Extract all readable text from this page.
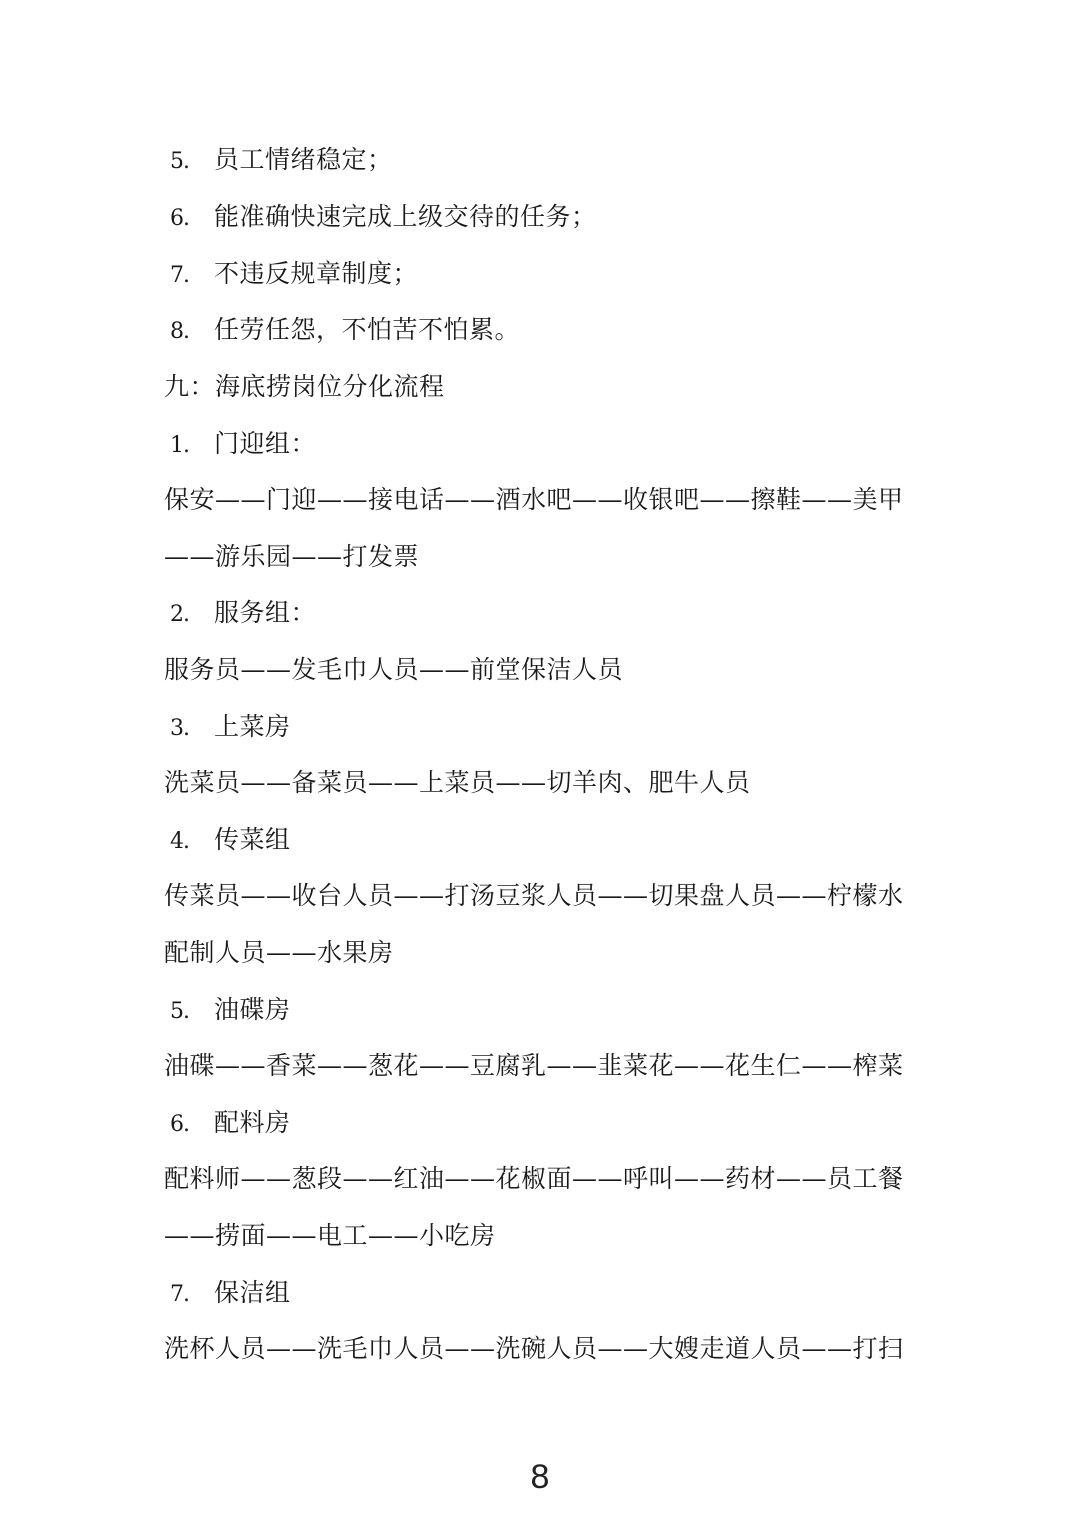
5. 员工情绪稳定；
6. 能准确快速完成上级交待的任务；
7. 不违反规章制度；
8. 任劳任怨，不怕苦不怕累。
九：海底捞岗位分化流程
1. 门迎组：
保安——门迎——接电话——酒水吧——收银吧——擦鞋——美甲
——游乐园——打发票
2. 服务组：
服务员——发毛巾人员——前堂保洁人员
3. 上菜房
洗菜员——备菜员——上菜员——切羊肉、肥牛人员
4. 传菜组
传菜员——收台人员——打汤豆浆人员——切果盘人员——柠檬水
配制人员——水果房
5. 油碟房
油碟——香菜——葱花——豆腐乳——韭菜花——花生仁——榨菜
6. 配料房
配料师——葱段——红油——花椒面——呼叫——药材——员工餐
——捞面——电工——小吃房
7. 保洁组
洗杯人员——洗毛巾人员——洗碗人员——大嫂走道人员——打扫
8
